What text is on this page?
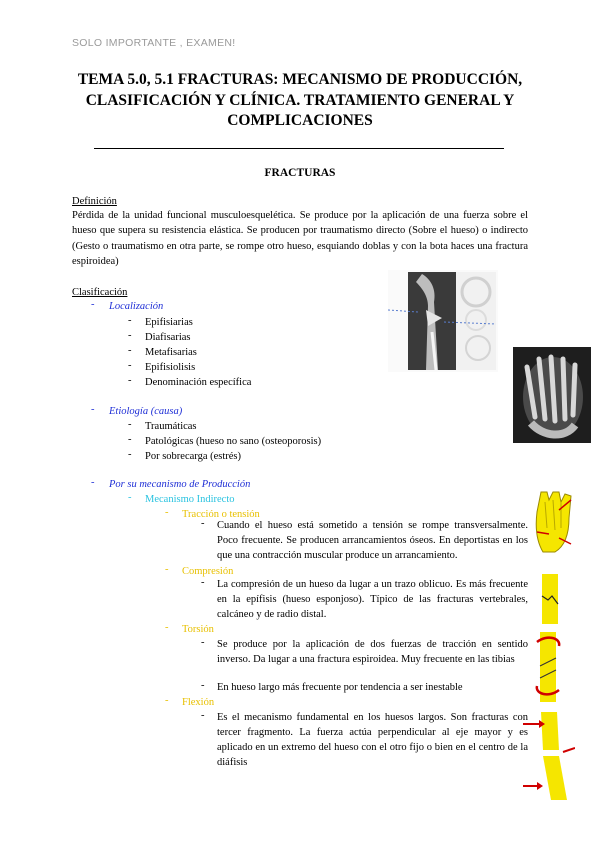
SOLO IMPORTANTE , EXAMEN!
TEMA 5.0, 5.1 FRACTURAS: MECANISMO DE PRODUCCIÓN,
CLASIFICACIÓN Y CLÍNICA. TRATAMIENTO GENERAL Y
COMPLICACIONES
FRACTURAS
Definición
Pérdida de la unidad funcional musculoesquelética. Se produce por la aplicación de una fuerza sobre el hueso que supera su resistencia elástica. Se producen por traumatismo directo (Sobre el hueso) o indirecto (Gesto o traumatismo en otra parte, se rompe otro hueso, esquiando doblas y con la bota haces una fractura espiroidea)
Clasificación
- Localización
- Epifisiarias
- Diafisarias
- Metafisarias
- Epifisiolisis
- Denominación específica
- Etiología (causa)
- Traumáticas
- Patológicas (hueso no sano (osteoporosis)
- Por sobrecarga (estrés)
- Por su mecanismo de Producción
- Mecanismo Indirecto
- Tracción o tensión
- Cuando el hueso está sometido a tensión se rompe transversalmente. Poco frecuente. Se producen arrancamientos óseos. En deportistas en los que una contracción muscular produce un arrancamiento.
- Compresión
- La compresión de un hueso da lugar a un trazo oblicuo. Es más frecuente en la epífisis (hueso esponjoso). Típico de las fracturas vertebrales, calcáneo y de radio distal.
- Torsión
- Se produce por la aplicación de dos fuerzas de tracción en sentido inverso. Da lugar a una fractura espiroidea. Muy frecuente en las tibias
- En hueso largo más frecuente por tendencia a ser inestable
- Flexión
- Es el mecanismo fundamental en los huesos largos. Son fracturas con tercer fragmento. La fuerza actúa perpendicular al eje mayor y es aplicado en un extremo del hueso con el otro fijo o bien en el centro de la diáfisis
